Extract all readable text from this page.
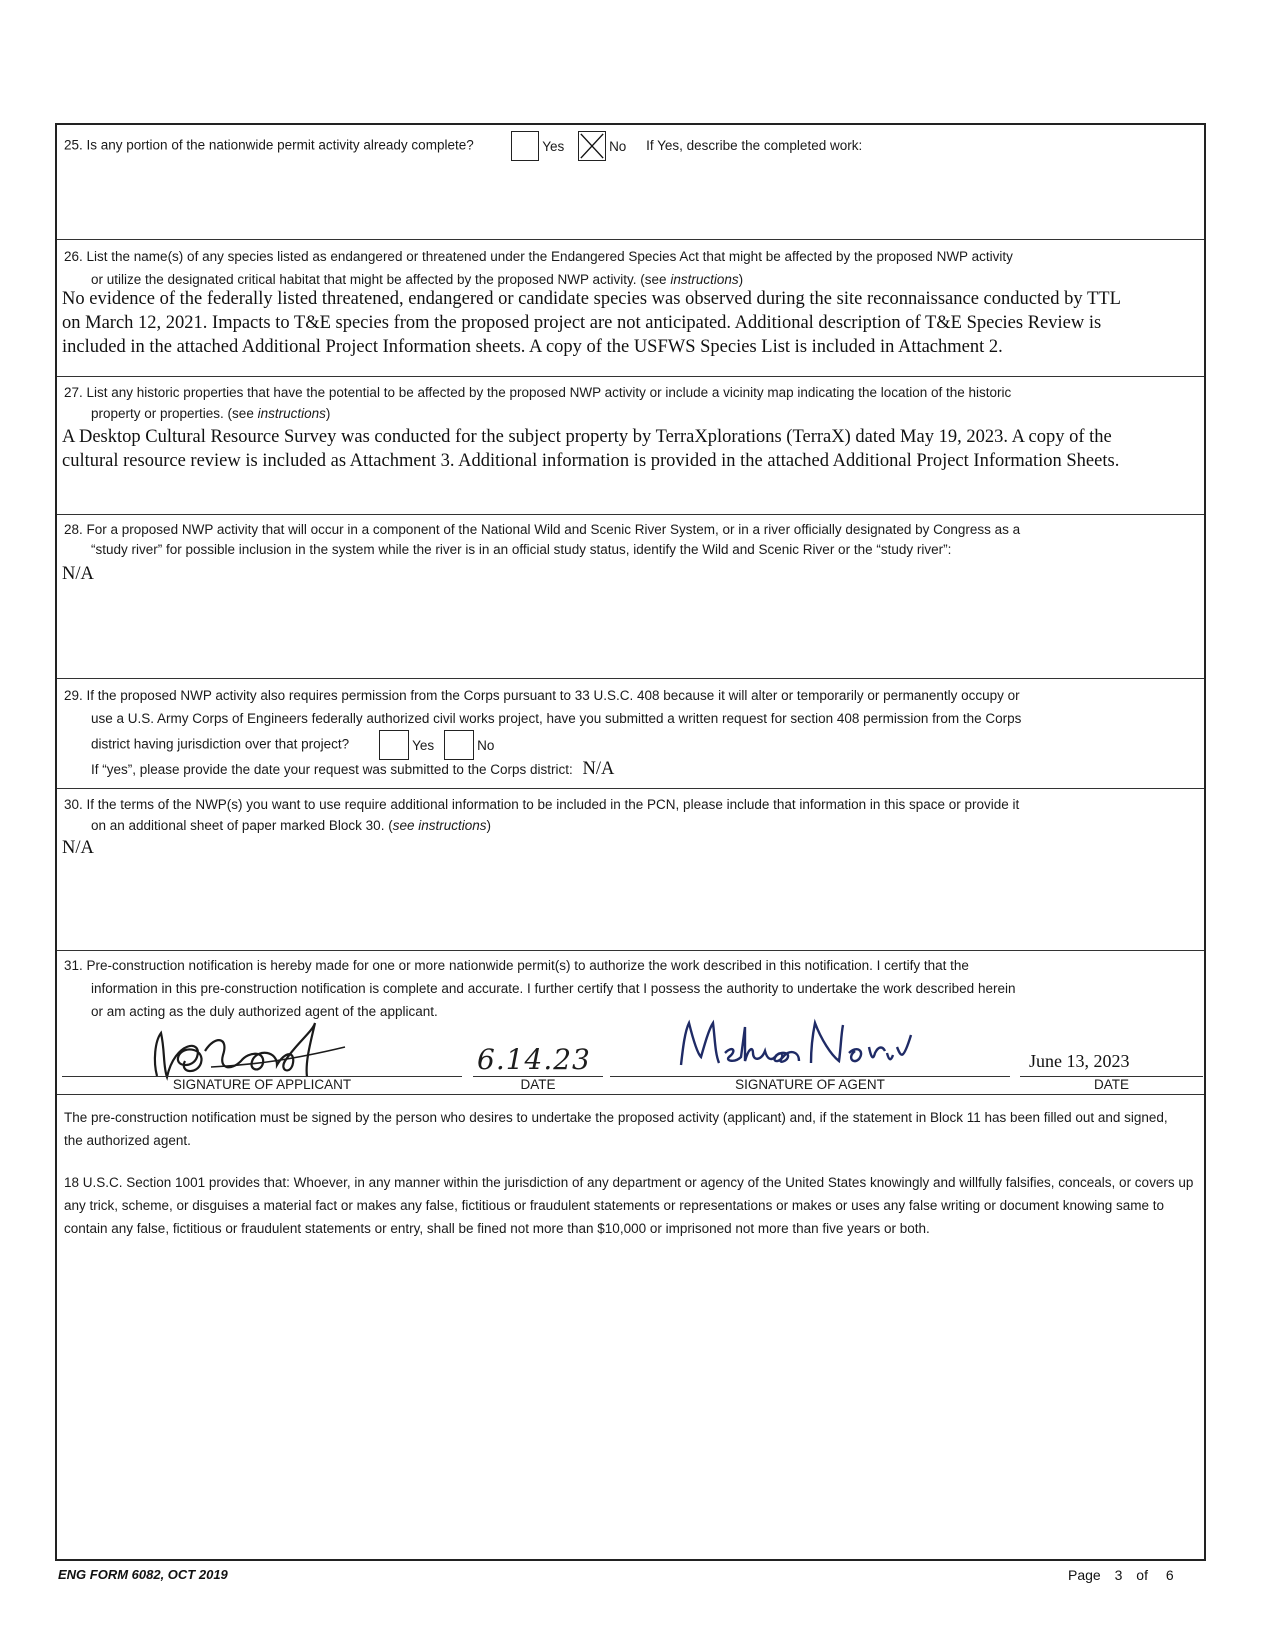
25. Is any portion of the nationwide permit activity already complete?	Yes	No If Yes, describe the completed work:
26. List the name(s) of any species listed as endangered or threatened under the Endangered Species Act that might be affected by the proposed NWP activity
or utilize the designated critical habitat that might be affected by the proposed NWP activity. (see instructions)
No evidence of the federally listed threatened, endangered or candidate species was observed during the site reconnaissance conducted by TTL on March 12, 2021. Impacts to T&E species from the proposed project are not anticipated. Additional description of T&E Species Review is included in the attached Additional Project Information sheets. A copy of the USFWS Species List is included in Attachment 2.
27. List any historic properties that have the potential to be affected by the proposed NWP activity or include a vicinity map indicating the location of the historic
property or properties. (see instructions)
A Desktop Cultural Resource Survey was conducted for the subject property by TerraXplorations (TerraX) dated May 19, 2023. A copy of the cultural resource review is included as Attachment 3. Additional information is provided in the attached Additional Project Information Sheets.
28. For a proposed NWP activity that will occur in a component of the National Wild and Scenic River System, or in a river officially designated by Congress as a
“study river” for possible inclusion in the system while the river is in an official study status, identify the Wild and Scenic River or the “study river”:
N/A
29. If the proposed NWP activity also requires permission from the Corps pursuant to 33 U.S.C. 408 because it will alter or temporarily or permanently occupy or
use a U.S. Army Corps of Engineers federally authorized civil works project, have you submitted a written request for section 408 permission from the Corps
district having jurisdiction over that project?	Yes	No
If “yes”, please provide the date your request was submitted to the Corps district: N/A
30. If the terms of the NWP(s) you want to use require additional information to be included in the PCN, please include that information in this space or provide it
on an additional sheet of paper marked Block 30. (see instructions)
N/A
31. Pre-construction notification is hereby made for one or more nationwide permit(s) to authorize the work described in this notification. I certify that the
information in this pre-construction notification is complete and accurate. I further certify that I possess the authority to undertake the work described herein
or am acting as the duly authorized agent of the applicant.
6.14.23	June 13, 2023
SIGNATURE OF APPLICANT	DATE	SIGNATURE OF AGENT	DATE
The pre-construction notification must be signed by the person who desires to undertake the proposed activity (applicant) and, if the statement in Block 11 has been filled out and signed, the authorized agent.
18 U.S.C. Section 1001 provides that: Whoever, in any manner within the jurisdiction of any department or agency of the United States knowingly and willfully falsifies, conceals, or covers up any trick, scheme, or disguises a material fact or makes any false, fictitious or fraudulent statements or representations or makes or uses any false writing or document knowing same to contain any false, fictitious or fraudulent statements or entry, shall be fined not more than $10,000 or imprisoned not more than five years or both.
ENG FORM 6082, OCT 2019	Page 3 of 6
